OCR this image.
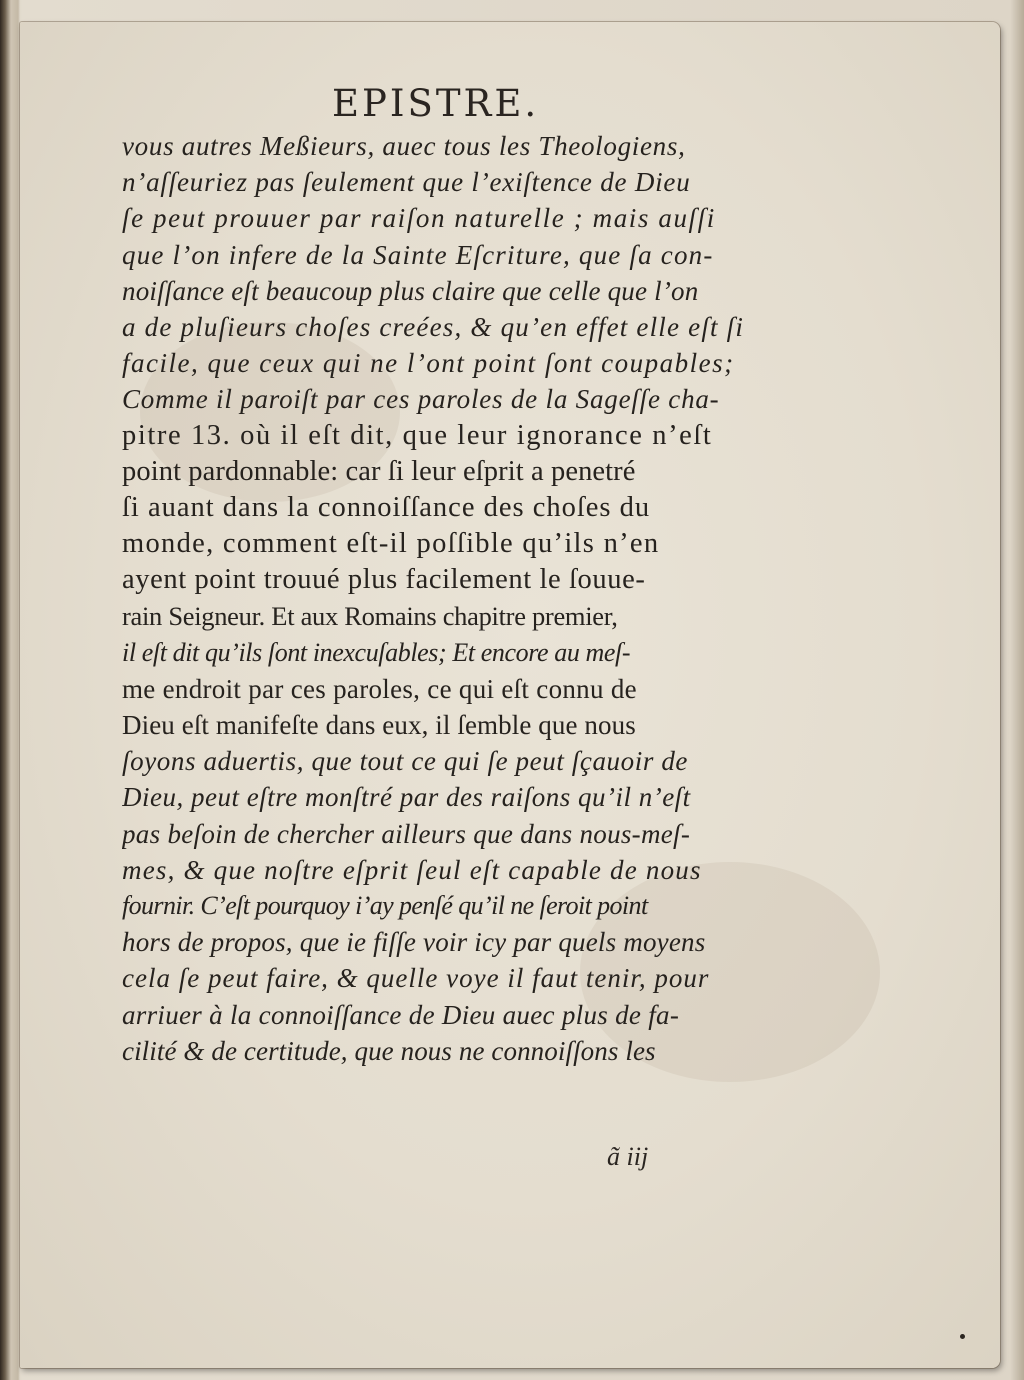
EPISTRE.
vous autres Meßieurs, auec tous les Theologiens,
n’aſſeuriez pas ſeulement que l’exiſtence de Dieu
ſe peut prouuer par raiſon naturelle ; mais auſſi
que l’on infere de la Sainte Eſcriture, que ſa con-
noiſſance eſt beaucoup plus claire que celle que l’on
a de pluſieurs choſes creées, & qu’en effet elle eſt ſi
facile, que ceux qui ne l’ont point ſont coupables;
Comme il paroiſt par ces paroles de la Sageſſe cha-
pitre 13. où il eſt dit, que leur ignorance n’eſt
point pardonnable: car ſi leur eſprit a penetré
ſi auant dans la connoiſſance des choſes du
monde, comment eſt-il poſſible qu’ils n’en
ayent point trouué plus facilement le ſouue-
rain Seigneur. Et aux Romains chapitre premier,
il eſt dit qu’ils ſont inexcuſables; Et encore au meſ-
me endroit par ces paroles, ce qui eſt connu de
Dieu eſt manifeſte dans eux, il ſemble que nous
ſoyons aduertis, que tout ce qui ſe peut ſçauoir de
Dieu, peut eſtre monſtré par des raiſons qu’il n’eſt
pas beſoin de chercher ailleurs que dans nous-meſ-
mes, & que noſtre eſprit ſeul eſt capable de nous
fournir. C’eſt pourquoy i’ay penſé qu’il ne ſeroit point
hors de propos, que ie fiſſe voir icy par quels moyens
cela ſe peut faire, & quelle voye il faut tenir, pour
arriuer à la connoiſſance de Dieu auec plus de fa-
cilité & de certitude, que nous ne connoiſſons les
ã iij
